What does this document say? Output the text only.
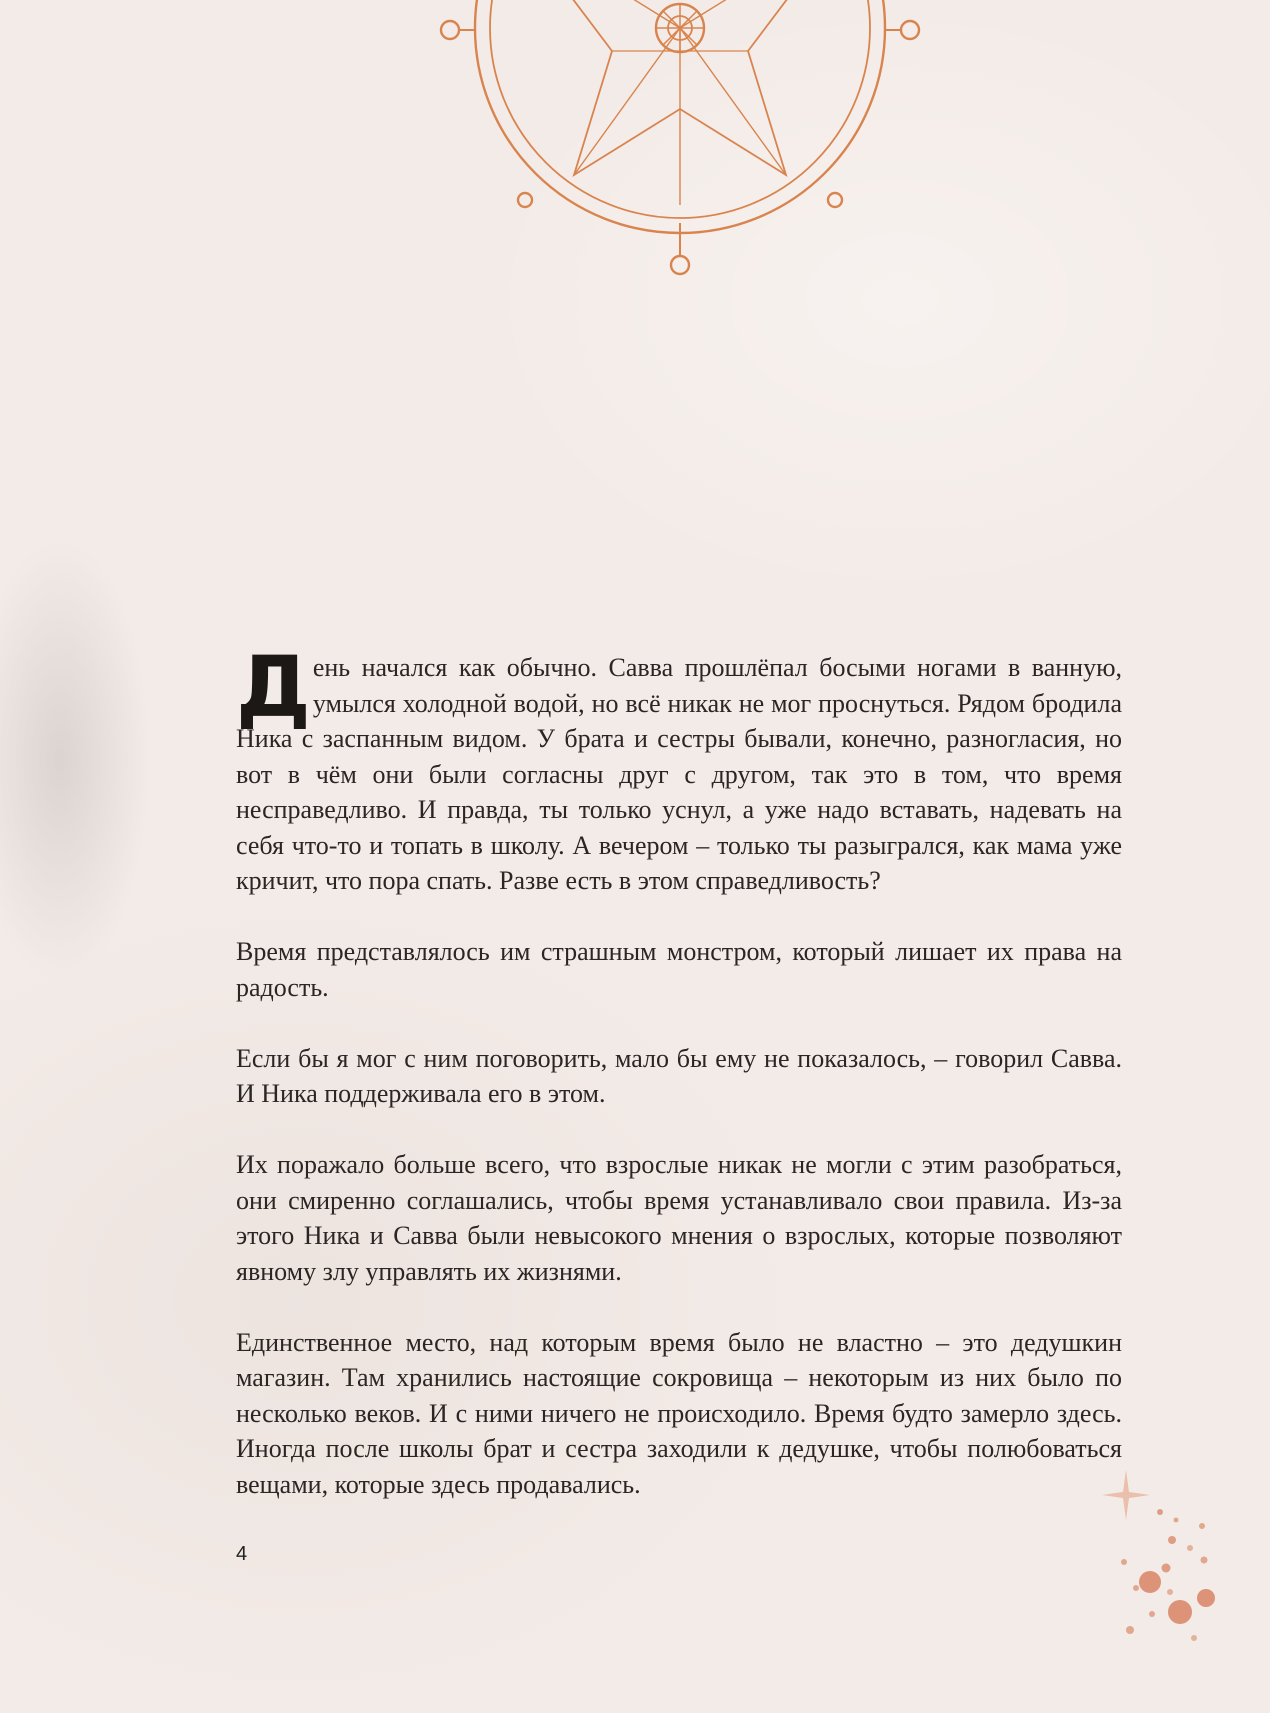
День начался как обычно. Савва прошлёпал босыми ногами в ванную, умылся холодной водой, но всё никак не мог проснуться. Рядом бродила Ника с заспанным видом. У брата и сестры бывали, конечно, разногласия, но вот в чём они были согласны друг с другом, так это в том, что время несправедливо. И правда, ты только уснул, а уже надо вставать, надевать на себя что-то и топать в школу. А вечером – только ты разыгрался, как мама уже кричит, что пора спать. Разве есть в этом справедливость?

Время представлялось им страшным монстром, который лишает их права на радость.

Если бы я мог с ним поговорить, мало бы ему не показалось, – говорил Савва. И Ника поддерживала его в этом.

Их поражало больше всего, что взрослые никак не могли с этим разобраться, они смиренно соглашались, чтобы время устанавливало свои правила. Из-за этого Ника и Савва были невысокого мнения о взрослых, которые позволяют явному злу управлять их жизнями.

Единственное место, над которым время было не властно – это дедушкин магазин. Там хранились настоящие сокровища – некоторым из них было по несколько веков. И с ними ничего не происходило. Время будто замерло здесь. Иногда после школы брат и сестра заходили к дедушке, чтобы полюбоваться вещами, которые здесь продавались.

4
